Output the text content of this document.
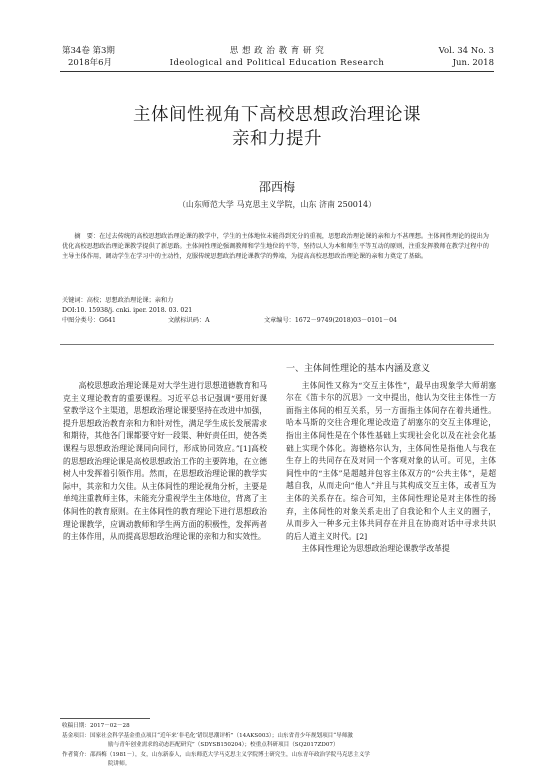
第34卷 第3期
2018年6月
思 想 政 治 教 育 研 究
Ideological and Political Education Research
Vol. 34 No. 3
Jun. 2018
主体间性视角下高校思想政治理论课
亲和力提升
邵西梅
（山东师范大学 马克思主义学院，山东 济南 250014）

摘　要：在过去传统的高校思想政治理论课的教学中，学生的主体地位未能得到充分的重视，思想政治理论课的亲和力不甚理想。主体间性理论的提出为优化高校思想政治理论课教学提供了新思路。主体间性理论强调教师和学生地位的平等，坚持以人为本和师生平等互动的原则，注重发挥教师在教学过程中的主导主体作用，调动学生在学习中的主动性，克服传统思想政治理论课教学的弊端，为提高高校思想政治理论课的亲和力奠定了基础。

关键词：高校；思想政治理论课；亲和力
DOI:10. 15938/j. cnki. iper. 2018. 03. 021
中图分类号：G641	文献标识码：A	文章编号：1672－9749(2018)03－0101－04

高校思想政治理论课是对大学生进行思想道德教育和马克主义理论教育的重要课程。习近平总书记强调“要用好课堂教学这个主渠道，思想政治理论课要坚持在改进中加强，提升思想政治教育亲和力和针对性，满足学生成长发展需求和期待，其他各门课都要守好一段渠、种好责任田，使各类课程与思想政治理论课同向同行，形成协同效应。”[1]高校的思想政治理论课是高校思想政治工作的主要阵地，在立德树人中发挥着引领作用。然而，在思想政治理论课的教学实际中，其亲和力欠佳。从主体间性的理论视角分析，主要是单纯注重教师主体，未能充分重视学生主体地位，背离了主体间性的教育原则。在主体间性的教育理论下进行思想政治理论课教学，应调动教师和学生两方面的积极性，发挥两者的主体作用，从而提高思想政治理论课的亲和力和实效性。

一、主体间性理论的基本内涵及意义

主体间性又称为“交互主体性”，最早由现象学大师胡塞尔在《笛卡尔的沉思》一文中提出，他认为交往主体性一方面指主体间的相互关系，另一方面指主体间存在着共通性。哈本马斯的交往合理化理论改造了胡塞尔的交互主体理论，指出主体间性是在个体性基础上实现社会化以及在社会化基础上实现个体化。海德格尔认为，主体间性是指他人与我在生存上的共同存在及对同一个客观对象的认可。可见，主体间性中的“主体”是超越并包容主体双方的“公共主体”，是超越自我，从而走向“他人”并且与其构成交互主体，或者互为主体的关系存在。综合可知，主体间性理论是对主体性的扬弃，主体间性的对象关系走出了自我论和个人主义的圈子，从而步入一种多元主体共同存在并且在协商对话中寻求共识的后人道主义时代。[2]

主体间性理论为思想政治理论课教学改革提

收稿日期：2017－02－28
基金项目：国家社会科学基金重点项目“近年来‘非毛化’错误思潮评析”（14AKS003）；山东省青少年规划项目“导师激
励与青年创业需求的动态匹配研究”（SDYSB150204）；校重点科研项目（SQ2017ZD07）
作者简介：邵西梅（1981－），女，山东新泰人，山东师范大学马克思主义学院博士研究生，山东青年政治学院马克思主义学
院讲师。
